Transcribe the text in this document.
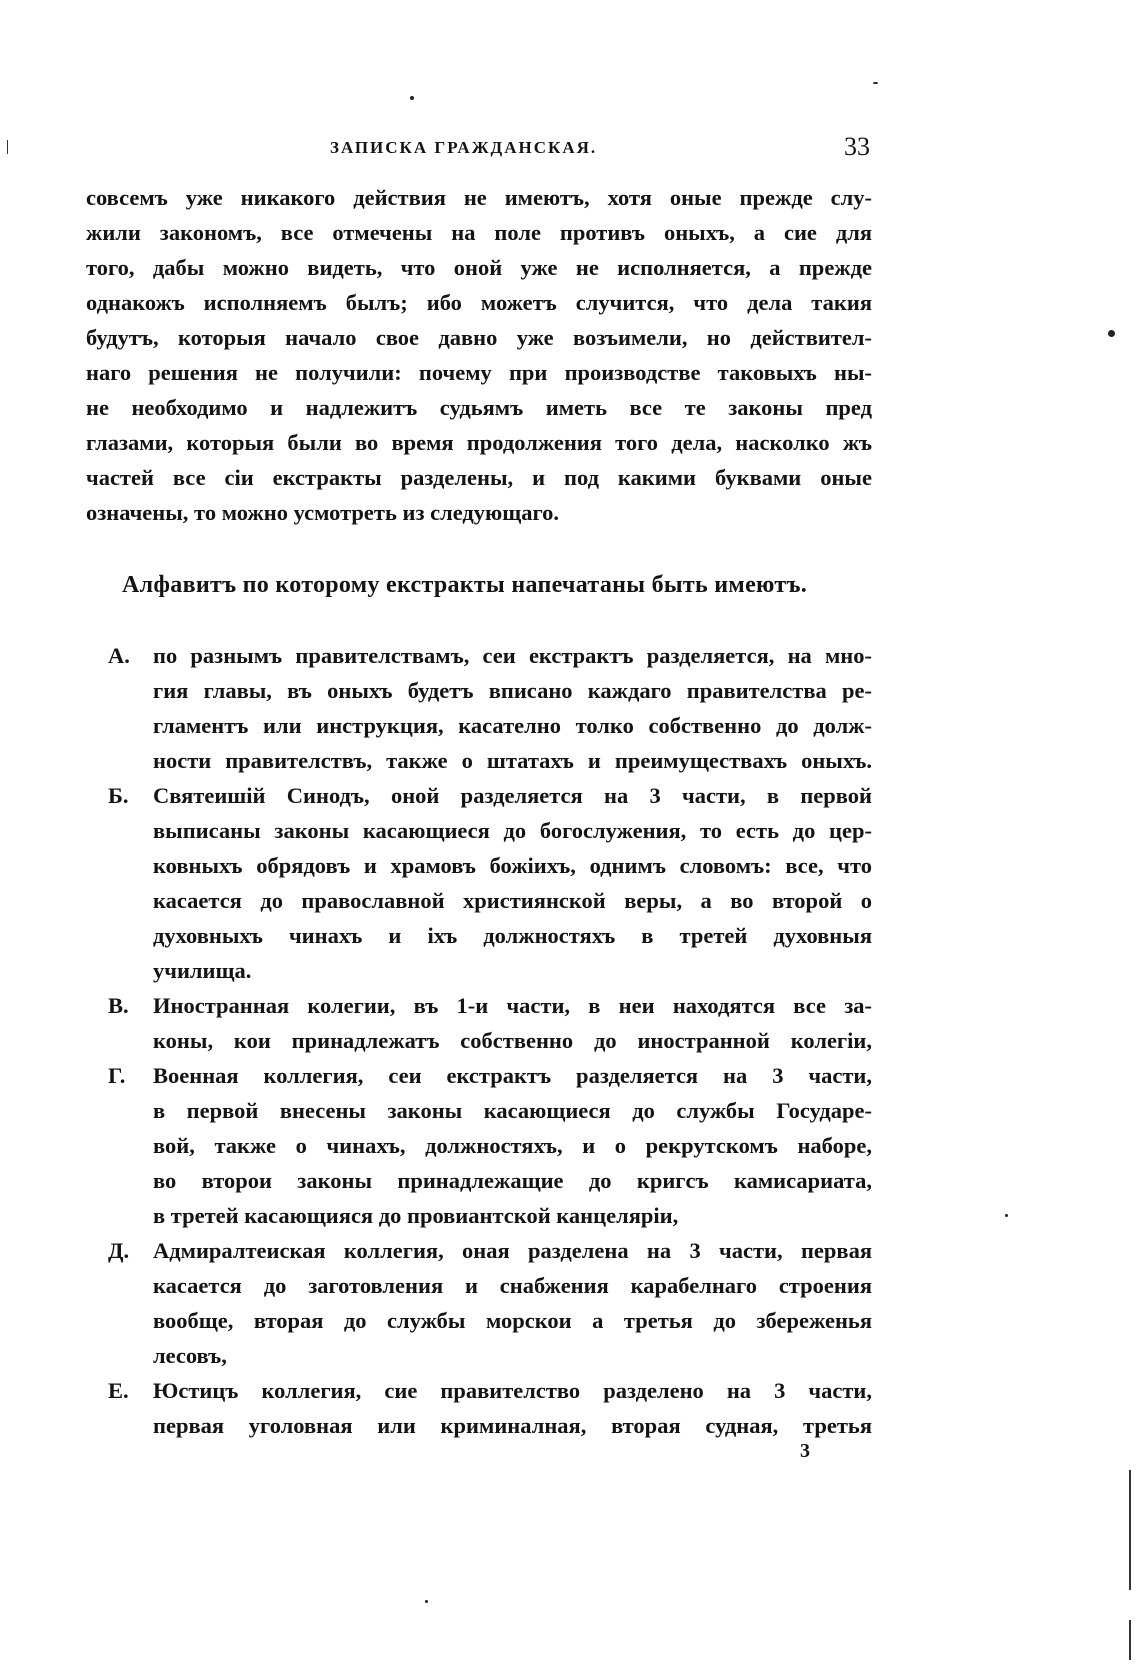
ЗАПИСКА ГРАЖДАНСКАЯ.	33
совсемъ уже никакого действия не имеютъ, хотя оные прежде слу-
жили закономъ, все отмечены на поле противъ оныхъ, а сие для
того, дабы можно видеть, что оной уже не исполняется, а прежде
однакожъ исполняемъ былъ; ибо можетъ случится, что дела такия
будутъ, которыя начало свое давно уже возъимели, но действител-
наго решения не получили: почему при производстве таковыхъ ны-
не необходимо и надлежитъ судьямъ иметь все те законы пред
глазами, которыя были во время продолжения того дела, насколко жъ
частей все сіи екстракты разделены, и под какими буквами оные
означены, то можно усмотреть из следующаго.
Алфавитъ по которому екстракты напечатаны быть имеютъ.
А. по разнымъ правителствамъ, сеи екстрактъ разделяется, на мно-
гия главы, въ оныхъ будетъ вписано каждаго правителства ре-
гламентъ или инструкция, касателно толко собственно до долж-
ности правителствъ, также о штатахъ и преимуществахъ оныхъ.
Б. Святеишій Синодъ, оной разделяется на 3 части, в первой
выписаны законы касающиеся до богослужения, то есть до цер-
ковныхъ обрядовъ и храмовъ божіихъ, однимъ словомъ: все, что
касается до православной християнской веры, а во второй о
духовныхъ чинахъ и іхъ должностяхъ в третей духовныя
училища.
В. Иностранная колегии, въ 1-и части, в неи находятся все за-
коны, кои принадлежатъ собственно до иностранной колегіи,
Г. Военная коллегия, сеи екстрактъ разделяется на 3 части,
в первой внесены законы касающиеся до службы Государе-
вой, также о чинахъ, должностяхъ, и о рекрутскомъ наборе,
во вторoи законы принадлежащие до кригсъ камисариата,
в третей касающияся до провиантской канцеляріи,
Д. Адмиралтеиская коллегия, оная разделена на 3 части, первая
касается до заготовления и снабжения карабелнаго строения
вообще, вторая до службы морскои а третья до збереженья
лесовъ,
Е. Юстицъ коллегия, сие правителство разделено на 3 части,
первая уголовная или криминалная, вторая судная, третья
3
